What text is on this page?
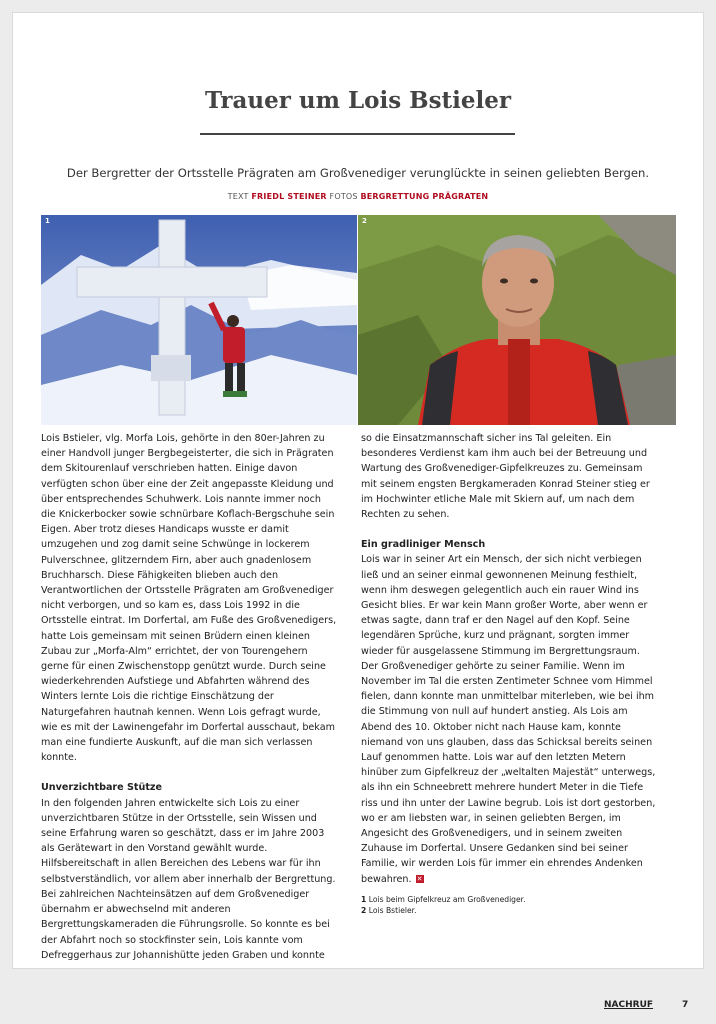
Trauer um Lois Bstieler

Der Bergretter der Ortsstelle Prägraten am Großvenediger verunglückte in seinen geliebten Bergen.

TEXT FRIEDL STEINER FOTOS BERGRETTUNG PRÄGRATEN
1	2

Lois Bstieler, vlg. Morfa Lois, gehörte in den 80er-Jahren zu einer Handvoll junger Bergbegeisterter, die sich in Prägraten dem Skitourenlauf verschrieben hatten. Einige davon verfügten schon über eine der Zeit angepasste Kleidung und über entsprechendes Schuhwerk. Lois nannte immer noch die Knickerbocker sowie schnürbare Koflach-Bergschuhe sein Eigen. Aber trotz dieses Handicaps wusste er damit umzugehen und zog damit seine Schwünge in lockerem Pulverschnee, glitzerndem Firn, aber auch gnadenlosem Bruchharsch. Diese Fähigkeiten blieben auch den Verantwortlichen der Ortsstelle Prägraten am Großvenediger nicht verborgen, und so kam es, dass Lois 1992 in die Ortsstelle eintrat. Im Dorfertal, am Fuße des Großvenedigers, hatte Lois gemeinsam mit seinen Brüdern einen kleinen Zubau zur „Morfa-Alm“ errichtet, der von Tourengehern gerne für einen Zwischenstopp genützt wurde. Durch seine wiederkehrenden Aufstiege und Abfahrten während des Winters lernte Lois die richtige Einschätzung der Naturgefahren hautnah kennen. Wenn Lois gefragt wurde, wie es mit der Lawinengefahr im Dorfertal ausschaut, bekam man eine fundierte Auskunft, auf die man sich verlassen konnte.

Unverzichtbare Stütze

In den folgenden Jahren entwickelte sich Lois zu einer unverzichtbaren Stütze in der Ortsstelle, sein Wissen und seine Erfahrung waren so geschätzt, dass er im Jahre 2003 als Gerätewart in den Vorstand gewählt wurde. Hilfsbereitschaft in allen Bereichen des Lebens war für ihn selbstverständlich, vor allem aber innerhalb der Bergrettung. Bei zahlreichen Nachteinsätzen auf dem Großvenediger übernahm er abwechselnd mit anderen Bergrettungskameraden die Führungsrolle. So konnte es bei der Abfahrt noch so stockfinster sein, Lois kannte vom Defreggerhaus zur Johannishütte jeden Graben und konnte

so die Einsatzmannschaft sicher ins Tal geleiten. Ein besonderes Verdienst kam ihm auch bei der Betreuung und Wartung des Großvenediger-Gipfelkreuzes zu. Gemeinsam mit seinem engsten Bergkameraden Konrad Steiner stieg er im Hochwinter etliche Male mit Skiern auf, um nach dem Rechten zu sehen.

Ein gradliniger Mensch

Lois war in seiner Art ein Mensch, der sich nicht verbiegen ließ und an seiner einmal gewonnenen Meinung festhielt, wenn ihm deswegen gelegentlich auch ein rauer Wind ins Gesicht blies. Er war kein Mann großer Worte, aber wenn er etwas sagte, dann traf er den Nagel auf den Kopf. Seine legendären Sprüche, kurz und prägnant, sorgten immer wieder für ausgelassene Stimmung im Bergrettungsraum.

Der Großvenediger gehörte zu seiner Familie. Wenn im November im Tal die ersten Zentimeter Schnee vom Himmel fielen, dann konnte man unmittelbar miterleben, wie bei ihm die Stimmung von null auf hundert anstieg. Als Lois am Abend des 10. Oktober nicht nach Hause kam, konnte niemand von uns glauben, dass das Schicksal bereits seinen Lauf genommen hatte. Lois war auf den letzten Metern hinüber zum Gipfelkreuz der „weltalten Majestät“ unterwegs, als ihn ein Schneebrett mehrere hundert Meter in die Tiefe riss und ihn unter der Lawine begrub. Lois ist dort gestorben, wo er am liebsten war, in seinen geliebten Bergen, im Angesicht des Großvenedigers, und in seinem zweiten Zuhause im Dorfertal. Unsere Gedanken sind bei seiner Familie, wir werden Lois für immer ein ehrendes Andenken bewahren. ✕

1 Lois beim Gipfelkreuz am Großvenediger.
2 Lois Bstieler.
NACHRUF	7
